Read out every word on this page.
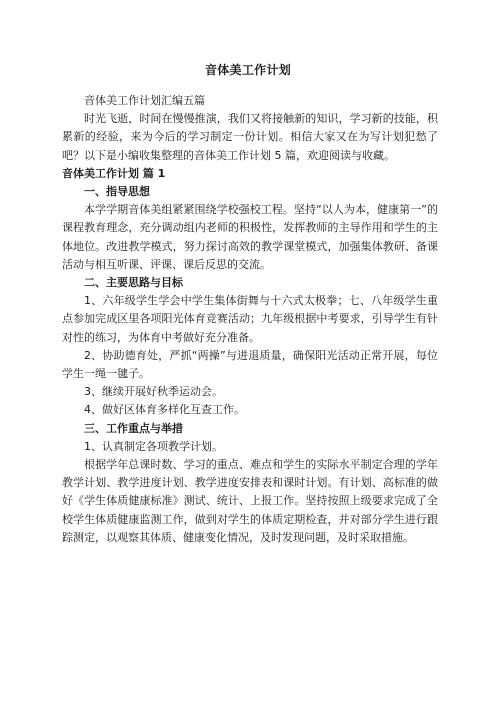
音体美工作计划

音体美工作计划汇编五篇

时光飞逝，时间在慢慢推演，我们又将接触新的知识，学习新的技能，积累新的经验，来为今后的学习制定一份计划。相信大家又在为写计划犯愁了吧？以下是小编收集整理的音体美工作计划 5 篇，欢迎阅读与收藏。

音体美工作计划 篇 1

一、指导思想

本学学期音体美组紧紧围绕学校强校工程。坚持“以人为本，健康第一”的课程教育理念，充分调动组内老师的积极性，发挥教师的主导作用和学生的主体地位。改进教学模式，努力探讨高效的教学课堂模式，加强集体教研、备课活动与相互听课、评课、课后反思的交流。

二、主要思路与目标

1、六年级学生学会中学生集体街舞与十六式太极拳；七、八年级学生重点参加完成区里各项阳光体育竞赛活动；九年级根据中考要求，引导学生有针对性的练习，为体育中考做好充分准备。

2、协助德育处，严抓“两操”与进退质量，确保阳光活动正常开展，每位学生一绳一毽子。

3、继续开展好秋季运动会。

4、做好区体育多样化互查工作。

三、工作重点与举措

1、认真制定各项教学计划。

根据学年总课时数、学习的重点、难点和学生的实际水平制定合理的学年教学计划、教学进度计划、教学进度安排表和课时计划。有计划、高标准的做好《学生体质健康标准》测试、统计、上报工作。坚持按照上级要求完成了全校学生体质健康监测工作，做到对学生的体质定期检查，并对部分学生进行跟踪测定，以观察其体质、健康变化情况，及时发现问题，及时采取措施。
